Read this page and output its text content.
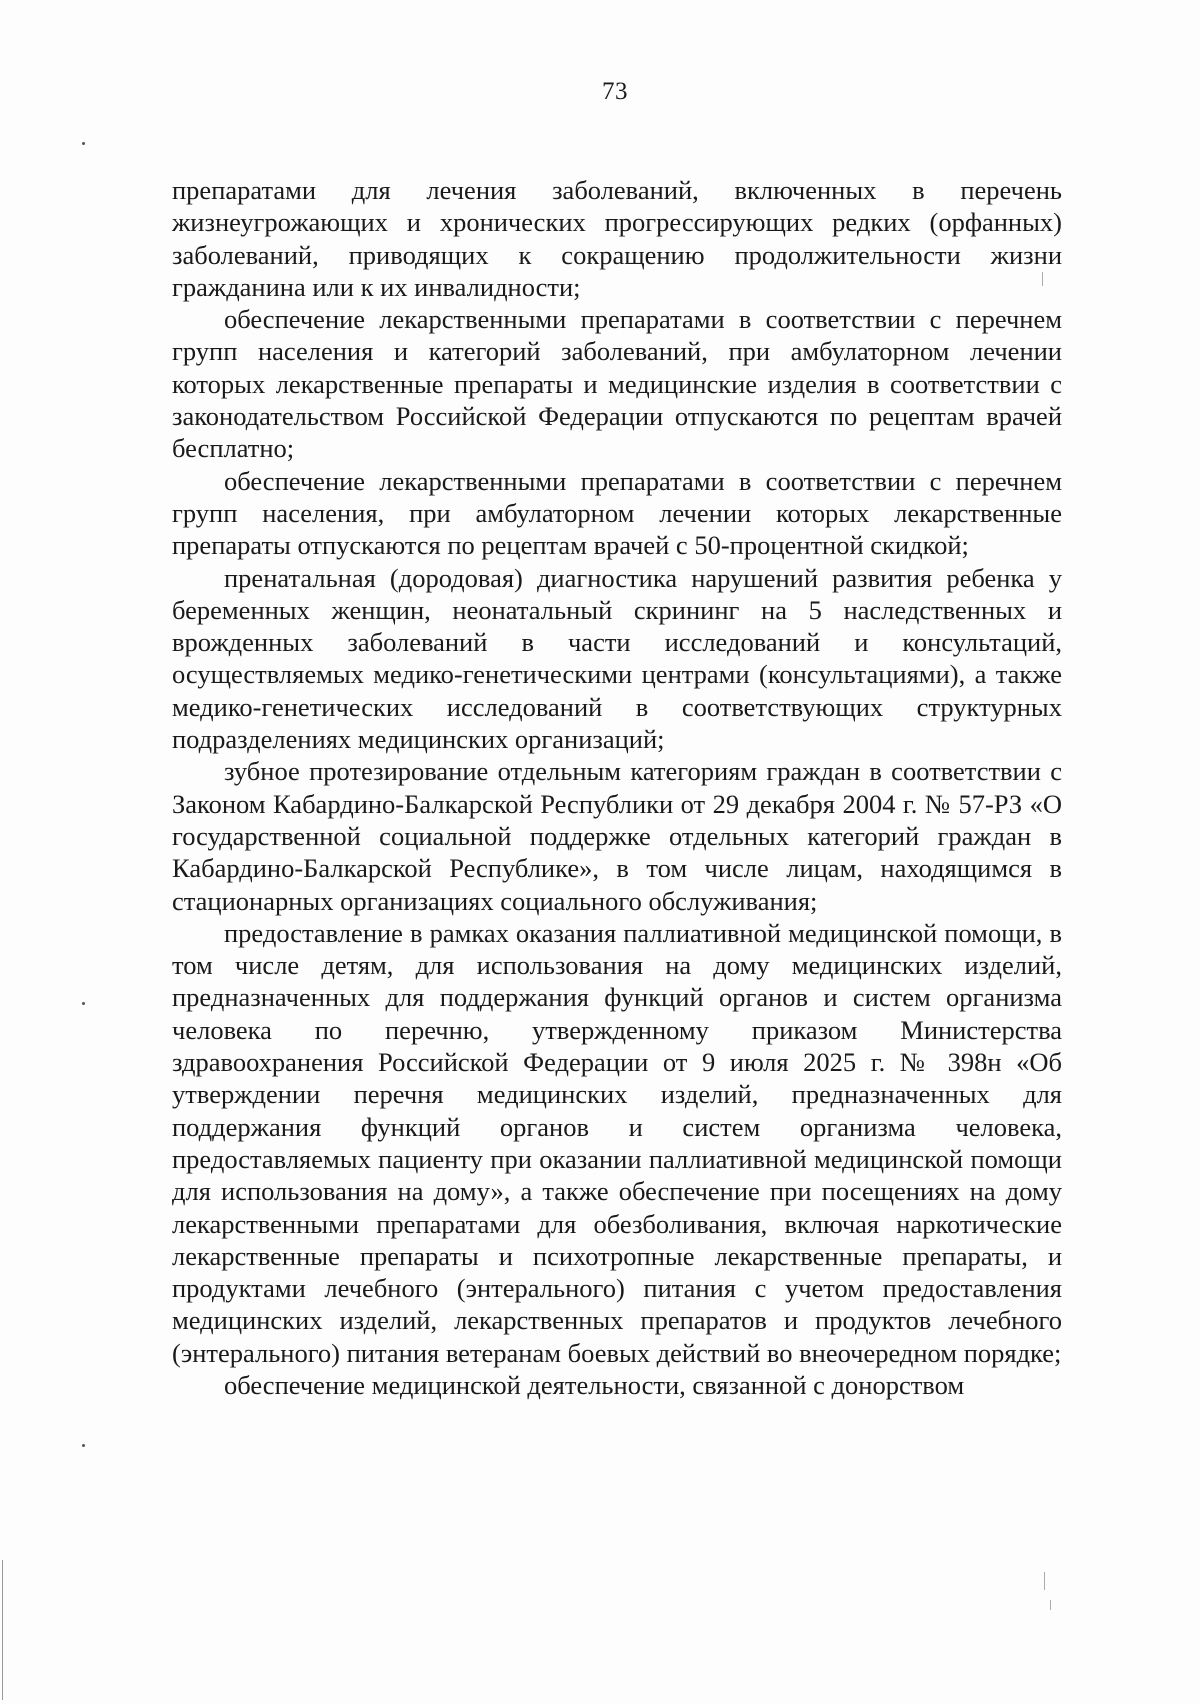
73

препаратами для лечения заболеваний, включенных в перечень жизнеугрожающих и хронических прогрессирующих редких (орфанных) заболеваний, приводящих к сокращению продолжительности жизни гражданина или к их инвалидности;

обеспечение лекарственными препаратами в соответствии с перечнем групп населения и категорий заболеваний, при амбулаторном лечении которых лекарственные препараты и медицинские изделия в соответствии с законодательством Российской Федерации отпускаются по рецептам врачей бесплатно;

обеспечение лекарственными препаратами в соответствии с перечнем групп населения, при амбулаторном лечении которых лекарственные препараты отпускаются по рецептам врачей с 50-процентной скидкой;

пренатальная (дородовая) диагностика нарушений развития ребенка у беременных женщин, неонатальный скрининг на 5 наследственных и врожденных заболеваний в части исследований и консультаций, осуществляемых медико-генетическими центрами (консультациями), а также медико-генетических исследований в соответствующих структурных подразделениях медицинских организаций;

зубное протезирование отдельным категориям граждан в соответствии с Законом Кабардино-Балкарской Республики от 29 декабря 2004 г. № 57-РЗ «О государственной социальной поддержке отдельных категорий граждан в Кабардино-Балкарской Республике», в том числе лицам, находящимся в стационарных организациях социального обслуживания;

предоставление в рамках оказания паллиативной медицинской помощи, в том числе детям, для использования на дому медицинских изделий, предназначенных для поддержания функций органов и систем организма человека по перечню, утвержденному приказом Министерства здравоохранения Российской Федерации от 9 июля 2025 г. № 398н «Об утверждении перечня медицинских изделий, предназначенных для поддержания функций органов и систем организма человека, предоставляемых пациенту при оказании паллиативной медицинской помощи для использования на дому», а также обеспечение при посещениях на дому лекарственными препаратами для обезболивания, включая наркотические лекарственные препараты и психотропные лекарственные препараты, и продуктами лечебного (энтерального) питания с учетом предоставления медицинских изделий, лекарственных препаратов и продуктов лечебного (энтерального) питания ветеранам боевых действий во внеочередном порядке;

обеспечение медицинской деятельности, связанной с донорством
